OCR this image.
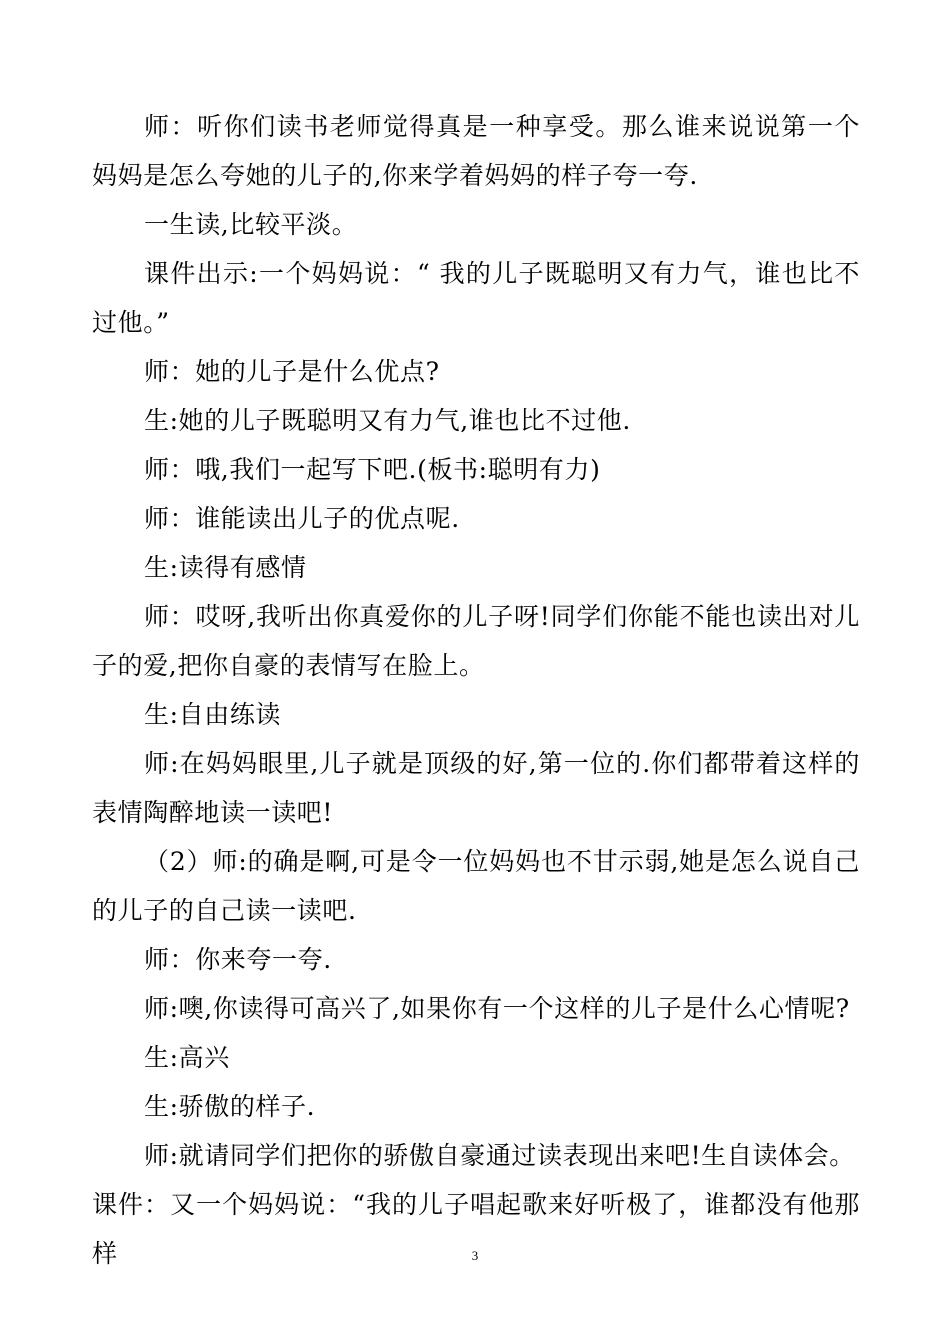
师：听你们读书老师觉得真是一种享受。那么谁来说说第一个妈妈是怎么夸她的儿子的,你来学着妈妈的样子夸一夸.

一生读,比较平淡。

课件出示:一个妈妈说：“ 我的儿子既聪明又有力气，谁也比不过他。”

师：她的儿子是什么优点?

生:她的儿子既聪明又有力气,谁也比不过他.

师：哦,我们一起写下吧.(板书:聪明有力)

师：谁能读出儿子的优点呢.

生:读得有感情

师：哎呀,我听出你真爱你的儿子呀!同学们你能不能也读出对儿子的爱,把你自豪的表情写在脸上。

生:自由练读

师:在妈妈眼里,儿子就是顶级的好,第一位的.你们都带着这样的表情陶醉地读一读吧!

（2）师:的确是啊,可是令一位妈妈也不甘示弱,她是怎么说自己的儿子的自己读一读吧.

师：你来夸一夸.

师:噢,你读得可高兴了,如果你有一个这样的儿子是什么心情呢?

生:高兴

生:骄傲的样子.

师:就请同学们把你的骄傲自豪通过读表现出来吧!生自读体会。

课件：又一个妈妈说：“我的儿子唱起歌来好听极了，谁都没有他那样	3
